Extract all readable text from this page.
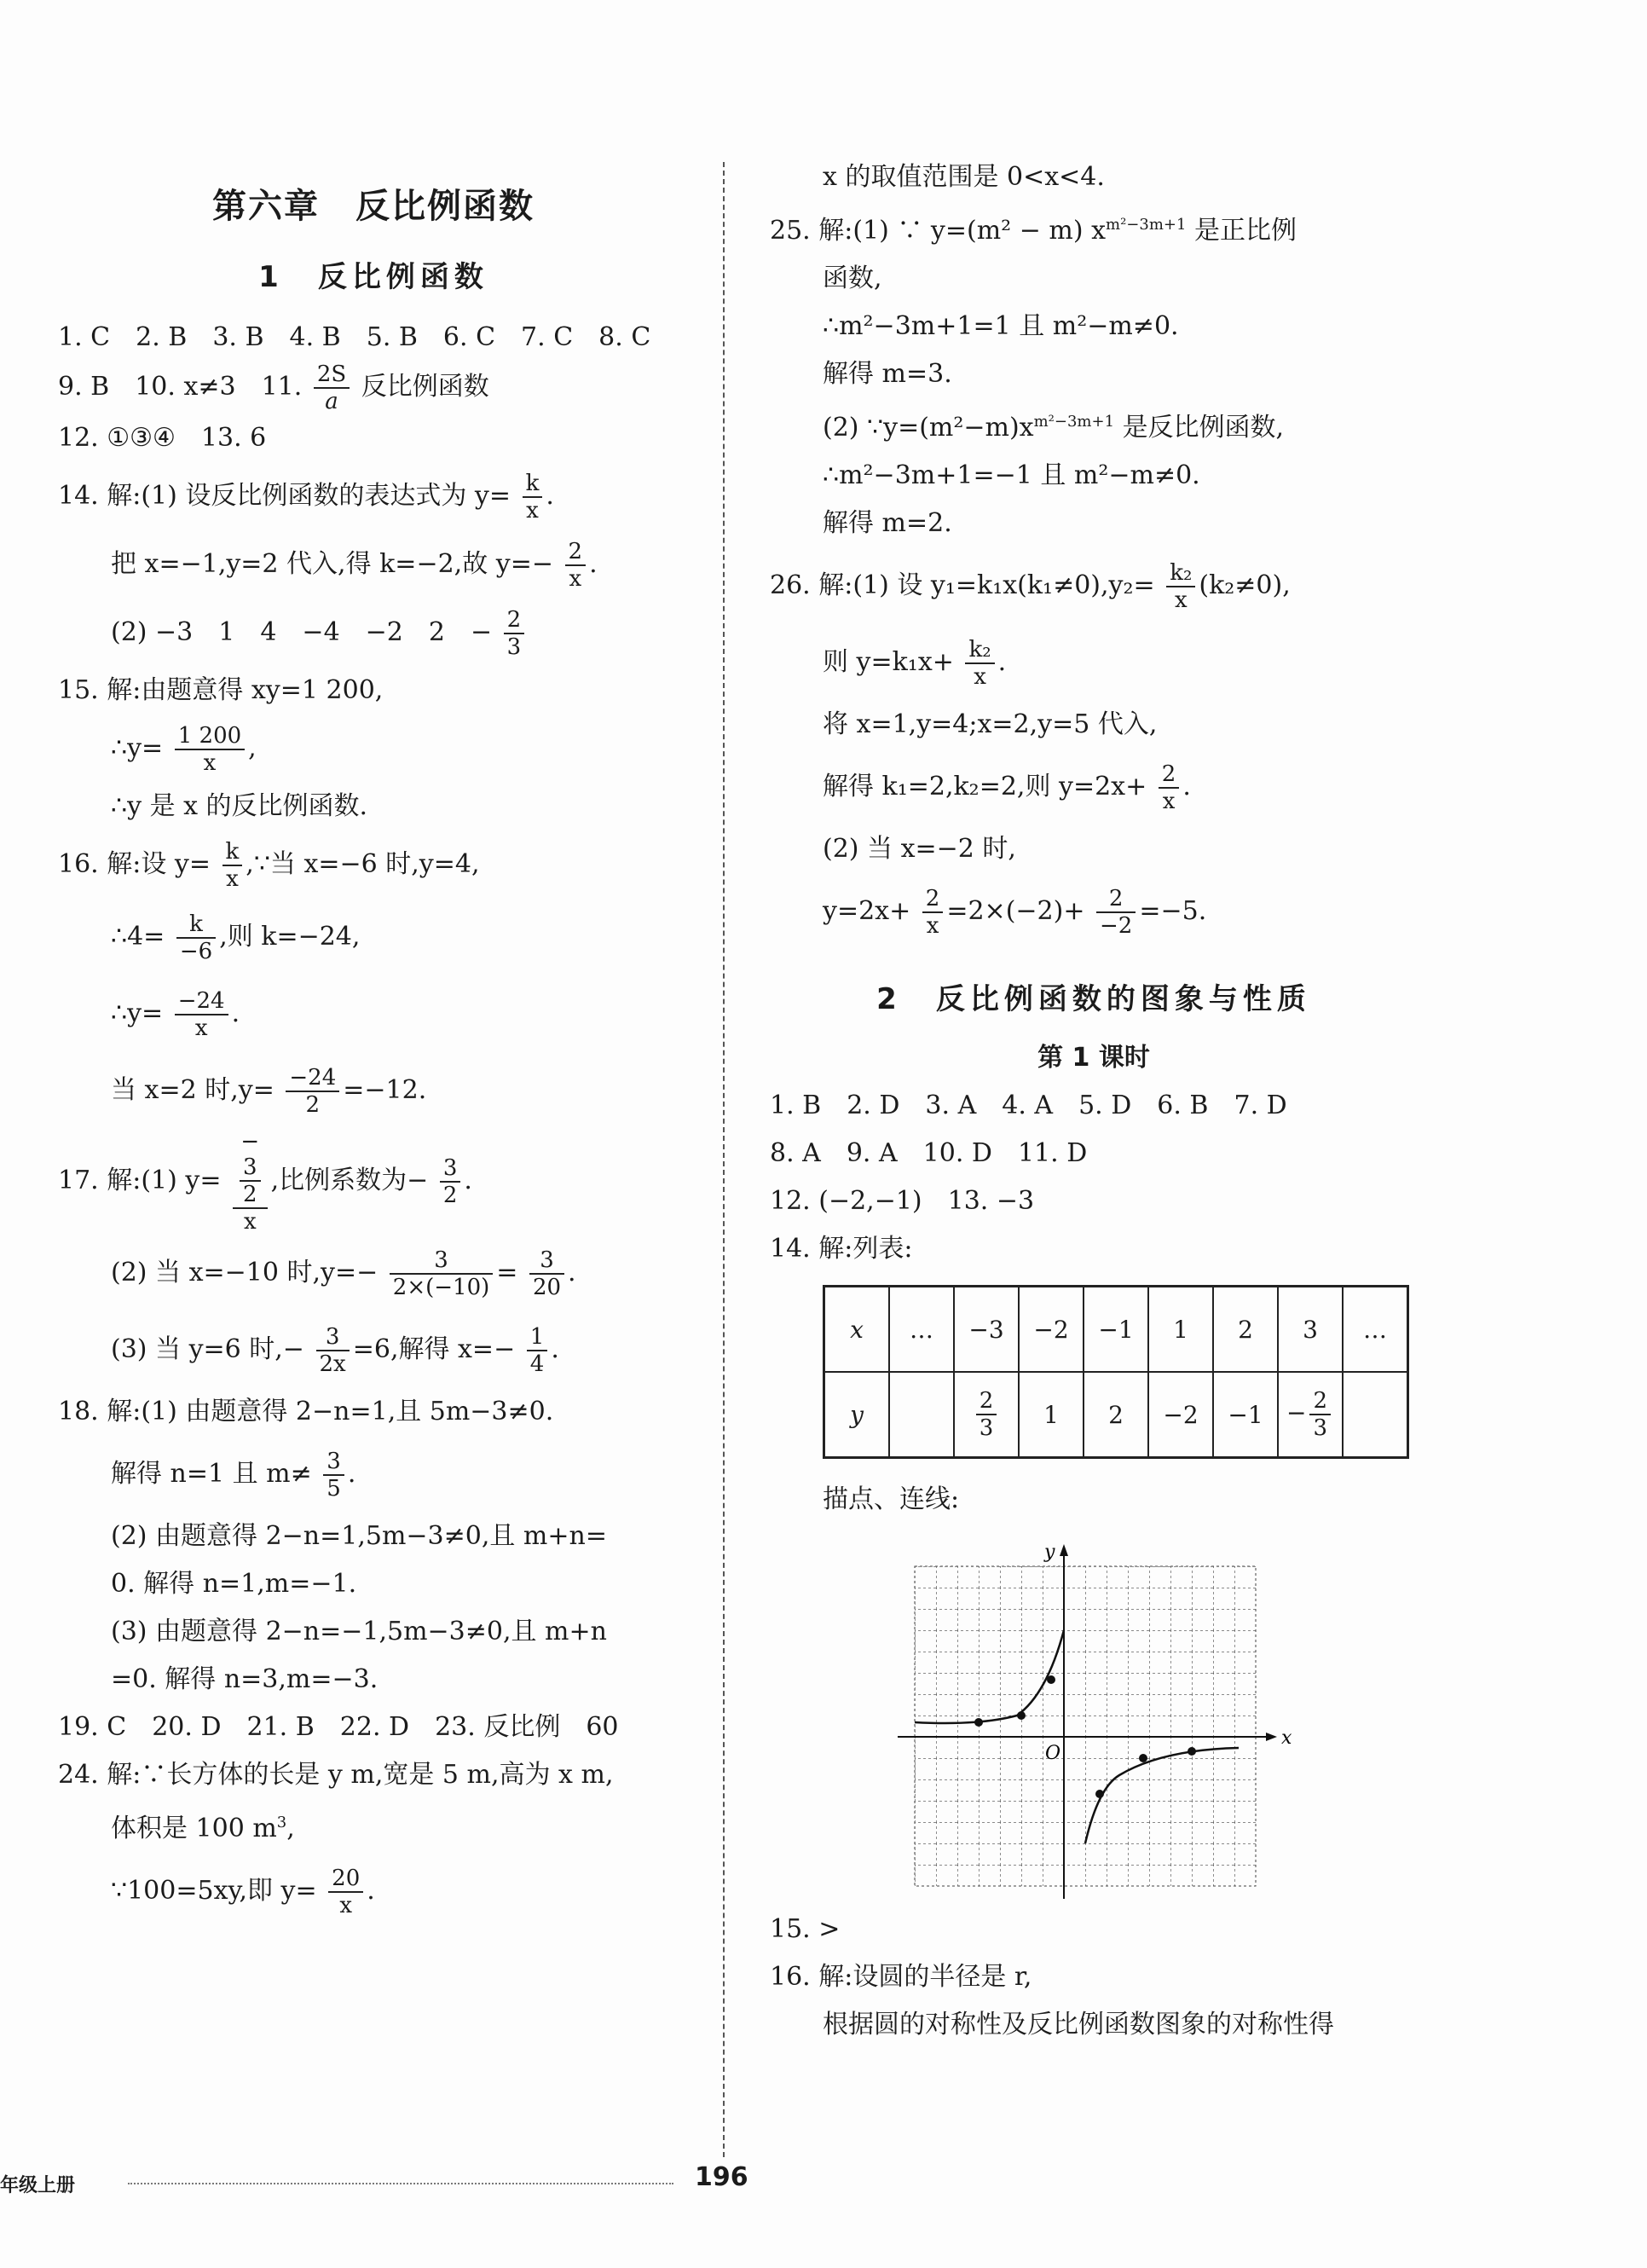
第六章　反比例函数
1　反比例函数
1. C　2. B　3. B　4. B　5. B　6. C　7. C　8. C
9. B　10. x≠3　11. $\frac{2S}{a}$ 反比例函数
12. ①③④　13. 6
14. 解:(1) 设反比例函数的表达式为 $y= \frac{k}{x}$ .
把 x=−1,y=2 代入,得 k=−2,故 $y=- \frac{2}{x}$ .
(2) −3　1　4　−4　−2　2　− $\frac{2}{3}$
15. 解:由题意得 xy=1 200,
∴y= $\frac{1 200}{x}$ ,
∴y 是 x 的反比例函数.
16. 解:设 $y= \frac{k}{x}$ ,∵当 x=−6 时,y=4,
∴4= $\frac{k}{-6}$ ,则 k=−24,
∴y= $\frac{-24}{x}$ .
当 x=2 时$,y= \frac{-24}{2} =-12$.
17. 解:(1) y= −
3
2
x ,比例系数为− $\frac{3}{2}$ .
(2) 当 x=−10 时$,y=- \frac{3}{2\times(-10)} = \frac{3}{20}$ .
(3) 当 y=6 时,− $\frac{3}{2x} =6$,解得 $x=- \frac{1}{4}$ .
18. 解:(1) 由题意得 2−n=1,且 5m−3≠0.
解得 n=1 且 $m\ne \frac{3}{5}$ .
(2) 由题意得 2−n=1,5m−3≠0,且 m+n=
0. 解得 n=1,m=−1.
(3) 由题意得 2−n=−1,5m−3≠0,且 m+n
=0. 解得 n=3,m=−3.
19. C　20. D　21. B　22. D　23. 反比例　60
24. 解:∵长方体的长是 y m,宽是 5 m,高为 x m,
体积是 100 $m^3$,
∵100=5xy,即 $y= \frac{20}{x}$ .
x 的取值范围是 0<x<4.
25. 解:(1) ∵ y=(m² − m) $x^{m^2-3m+1}$ 是正比例
函数,
∴m²−3m+1=1 且 m²−m≠0.
解得 m=3.
(2) $\because y=(m^2-m)x^{m^2-3m+1}$ 是反比例函数,
∴m²−3m+1=−1 且 m²−m≠0.
解得 m=2.
26. 解:(1) 设 $y_1=k_1x(k_1\ne 0),y_2= \frac{\text{k₂}}{x} (k_2\ne 0)$,
则 $y=k_1x+ \frac{\text{k₂}}{x}$ .
将 x=1,y=4;x=2,y=5 代入,
解得 k₁=2,k₂=2,则 $y=2x+ \frac{2}{x}$ .
(2) 当 x=−2 时,
$y=2x+ \frac{2}{x} =2\times(-2)+ \frac{2}{-2} =-5$.
2　反比例函数的图象与性质
第 1 课时
1. B　2. D　3. A　4. A　5. D　6. B　7. D
8. A　9. A　10. D　11. D
12. (−2,−1)　13. −3
14. 解:列表:
x	…	−3	−2	−1	1	2	3	…
y		$\frac{2}{3}$	1	2	−2	−1	− $\frac{2}{3}$

描点、连线:
x
y
O
15. >
16. 解:设圆的半径是 r,
根据圆的对称性及反比例函数图象的对称性得
年级上册	196
